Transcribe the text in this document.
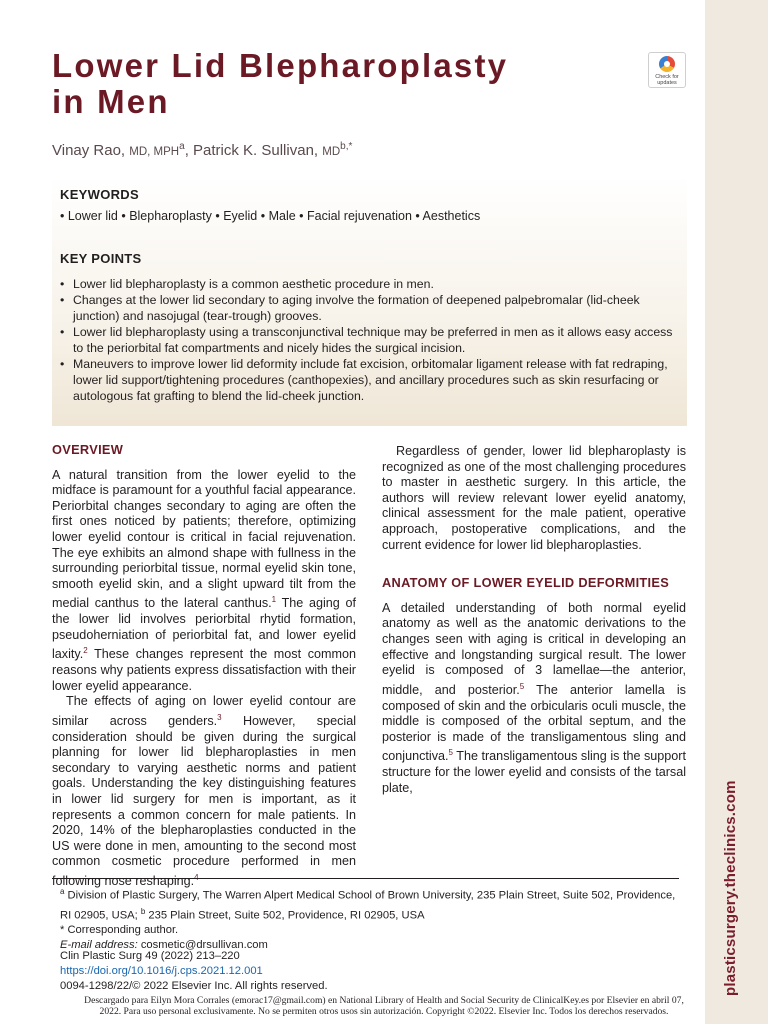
plasticsurgery.theclinics.com
Lower Lid Blepharoplasty
in Men
Check for
updates
Vinay Rao, MD, MPH$^a$, Patrick K. Sullivan, $MD^{b,*}$
KEYWORDS
• Lower lid • Blepharoplasty • Eyelid • Male • Facial rejuvenation • Aesthetics
KEY POINTS
• Lower lid blepharoplasty is a common aesthetic procedure in men.
• Changes at the lower lid secondary to aging involve the formation of deepened palpebromalar (lid-cheek junction) and nasojugal (tear-trough) grooves.
• Lower lid blepharoplasty using a transconjunctival technique may be preferred in men as it allows easy access to the periorbital fat compartments and nicely hides the surgical incision.
• Maneuvers to improve lower lid deformity include fat excision, orbitomalar ligament release with fat redraping, lower lid support/tightening procedures (canthopexies), and ancillary procedures such as skin resurfacing or autologous fat grafting to blend the lid-cheek junction.
OVERVIEW

A natural transition from the lower eyelid to the midface is paramount for a youthful facial appearance. Periorbital changes secondary to aging are often the first ones noticed by patients; therefore, optimizing lower eyelid contour is critical in facial rejuvenation. The eye exhibits an almond shape with fullness in the surrounding periorbital tissue, normal eyelid skin tone, smooth eyelid skin, and a slight upward tilt from the medial canthus to the lateral canthus.$^1$ The aging of the lower lid involves periorbital rhytid formation, pseudoherniation of periorbital fat, and lower eyelid laxity.$^2$ These changes represent the most common reasons why patients express dissatisfaction with their lower eyelid appearance.

The effects of aging on lower eyelid contour are similar across genders.$^3$ However, special consideration should be given during the surgical planning for lower lid blepharoplasties in men secondary to varying aesthetic norms and patient goals. Understanding the key distinguishing features in lower lid surgery for men is important, as it represents a common concern for male patients. In 2020, 14% of the blepharoplasties conducted in the US were done in men, amounting to the second most common cosmetic procedure performed in men following nose reshaping.$^4$

Regardless of gender, lower lid blepharoplasty is recognized as one of the most challenging procedures to master in aesthetic surgery. In this article, the authors will review relevant lower eyelid anatomy, clinical assessment for the male patient, operative approach, postoperative complications, and the current evidence for lower lid blepharoplasties.

ANATOMY OF LOWER EYELID DEFORMITIES

A detailed understanding of both normal eyelid anatomy as well as the anatomic derivations to the changes seen with aging is critical in developing an effective and longstanding surgical result. The lower eyelid is composed of 3 lamellae—the anterior, middle, and posterior.$^5$ The anterior lamella is composed of skin and the orbicularis oculi muscle, the middle is composed of the orbital septum, and the posterior is made of the transligamentous sling and conjunctiva.$^5$ The transligamentous sling is the support structure for the lower eyelid and consists of the tarsal plate,

$^a$ Division of Plastic Surgery, The Warren Alpert Medical School of Brown University, 235 Plain Street, Suite 502, Providence, RI 02905, USA; $^b$ 235 Plain Street, Suite 502, Providence, RI 02905, USA
* Corresponding author.
E-mail address: cosmetic@drsullivan.com
Clin Plastic Surg 49 (2022) 213–220
https://doi.org/10.1016/j.cps.2021.12.001
0094-1298/22/© 2022 Elsevier Inc. All rights reserved.
Descargado para Eilyn Mora Corrales (emorac17@gmail.com) en National Library of Health and Social Security de ClinicalKey.es por Elsevier en abril 07,
2022. Para uso personal exclusivamente. No se permiten otros usos sin autorización. Copyright ©2022. Elsevier Inc. Todos los derechos reservados.
